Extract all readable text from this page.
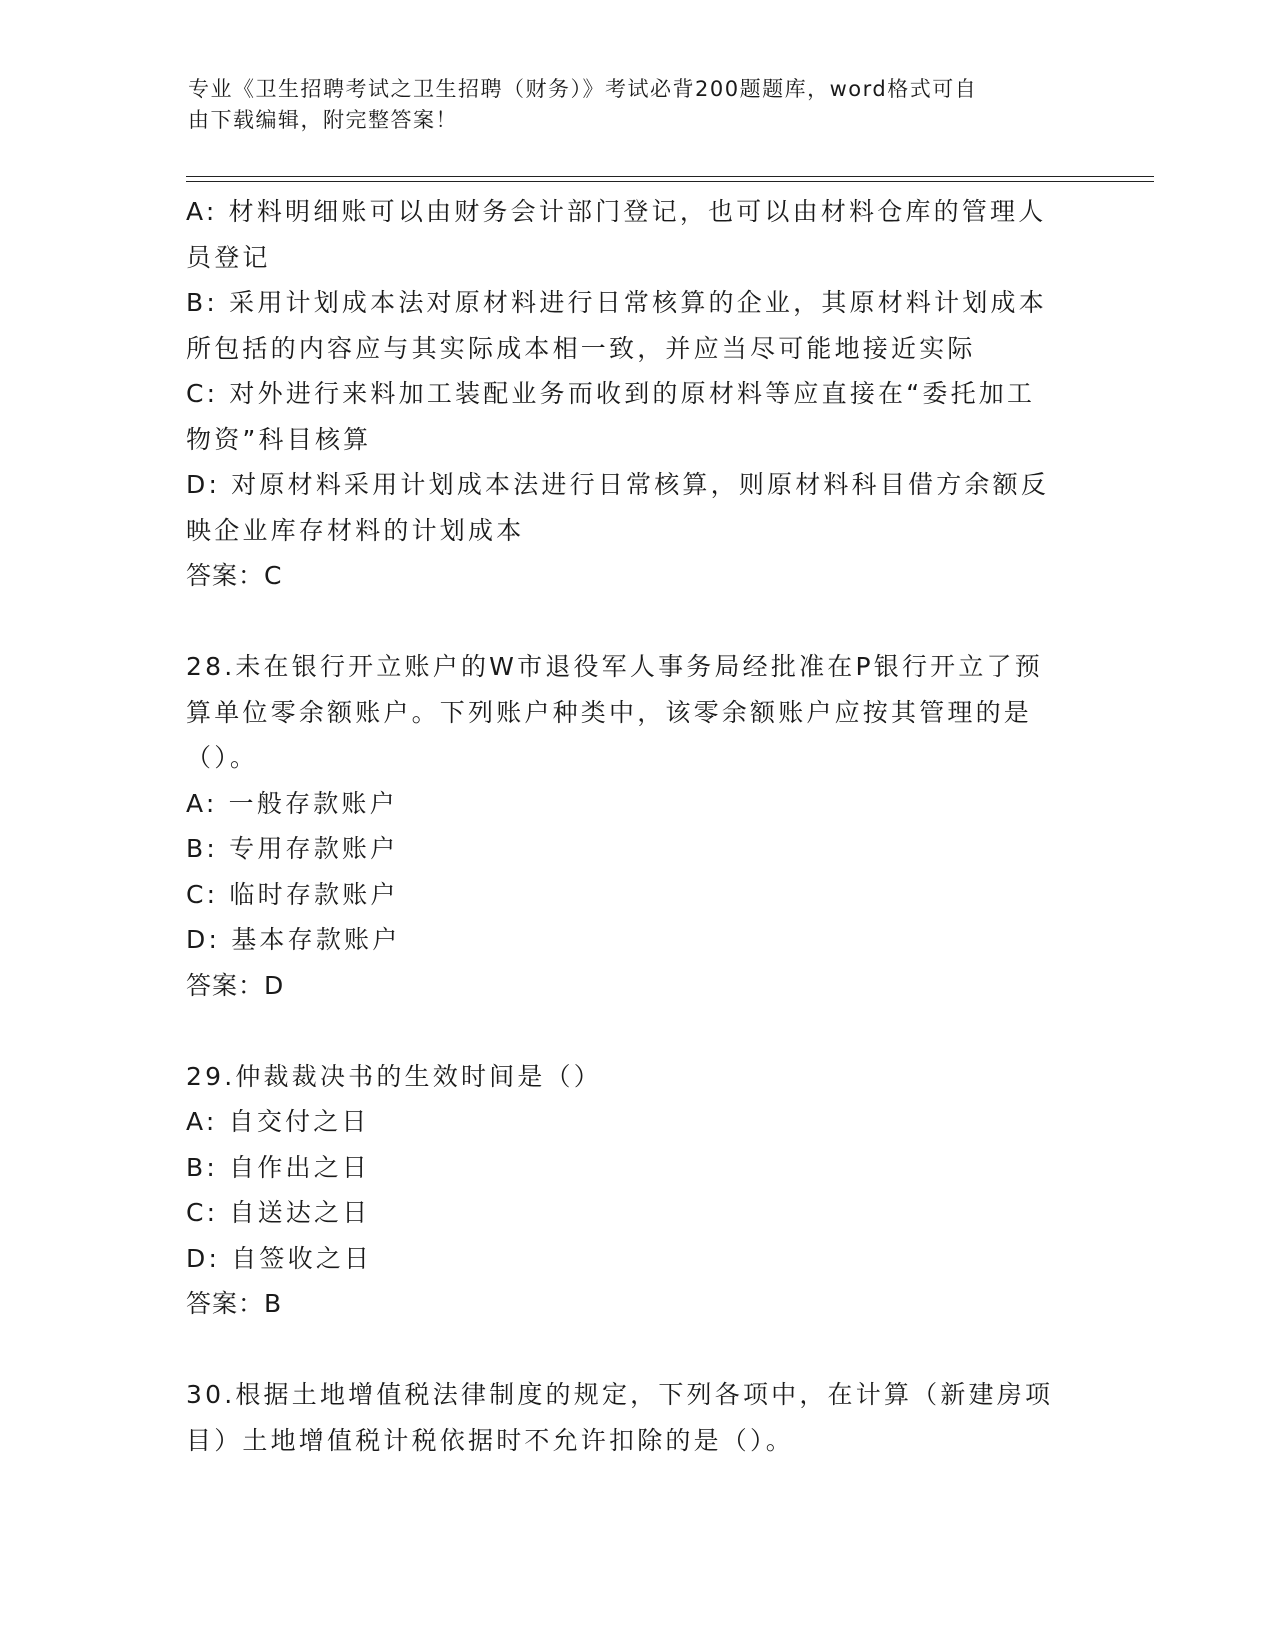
专业《卫生招聘考试之卫生招聘（财务）》考试必背200题题库，word格式可自
由下载编辑，附完整答案！
A: 材料明细账可以由财务会计部门登记，也可以由材料仓库的管理人
员登记
B: 采用计划成本法对原材料进行日常核算的企业，其原材料计划成本
所包括的内容应与其实际成本相一致，并应当尽可能地接近实际
C: 对外进行来料加工装配业务而收到的原材料等应直接在“委托加工
物资”科目核算
D: 对原材料采用计划成本法进行日常核算，则原材料科目借方余额反
映企业库存材料的计划成本
答案：C
28.未在银行开立账户的W市退役军人事务局经批准在P银行开立了预
算单位零余额账户。下列账户种类中，该零余额账户应按其管理的是
（）。
A: 一般存款账户
B: 专用存款账户
C: 临时存款账户
D: 基本存款账户
答案：D
29.仲裁裁决书的生效时间是（）
A: 自交付之日
B: 自作出之日
C: 自送达之日
D: 自签收之日
答案：B
30.根据土地增值税法律制度的规定，下列各项中，在计算（新建房项
目）土地增值税计税依据时不允许扣除的是（）。
